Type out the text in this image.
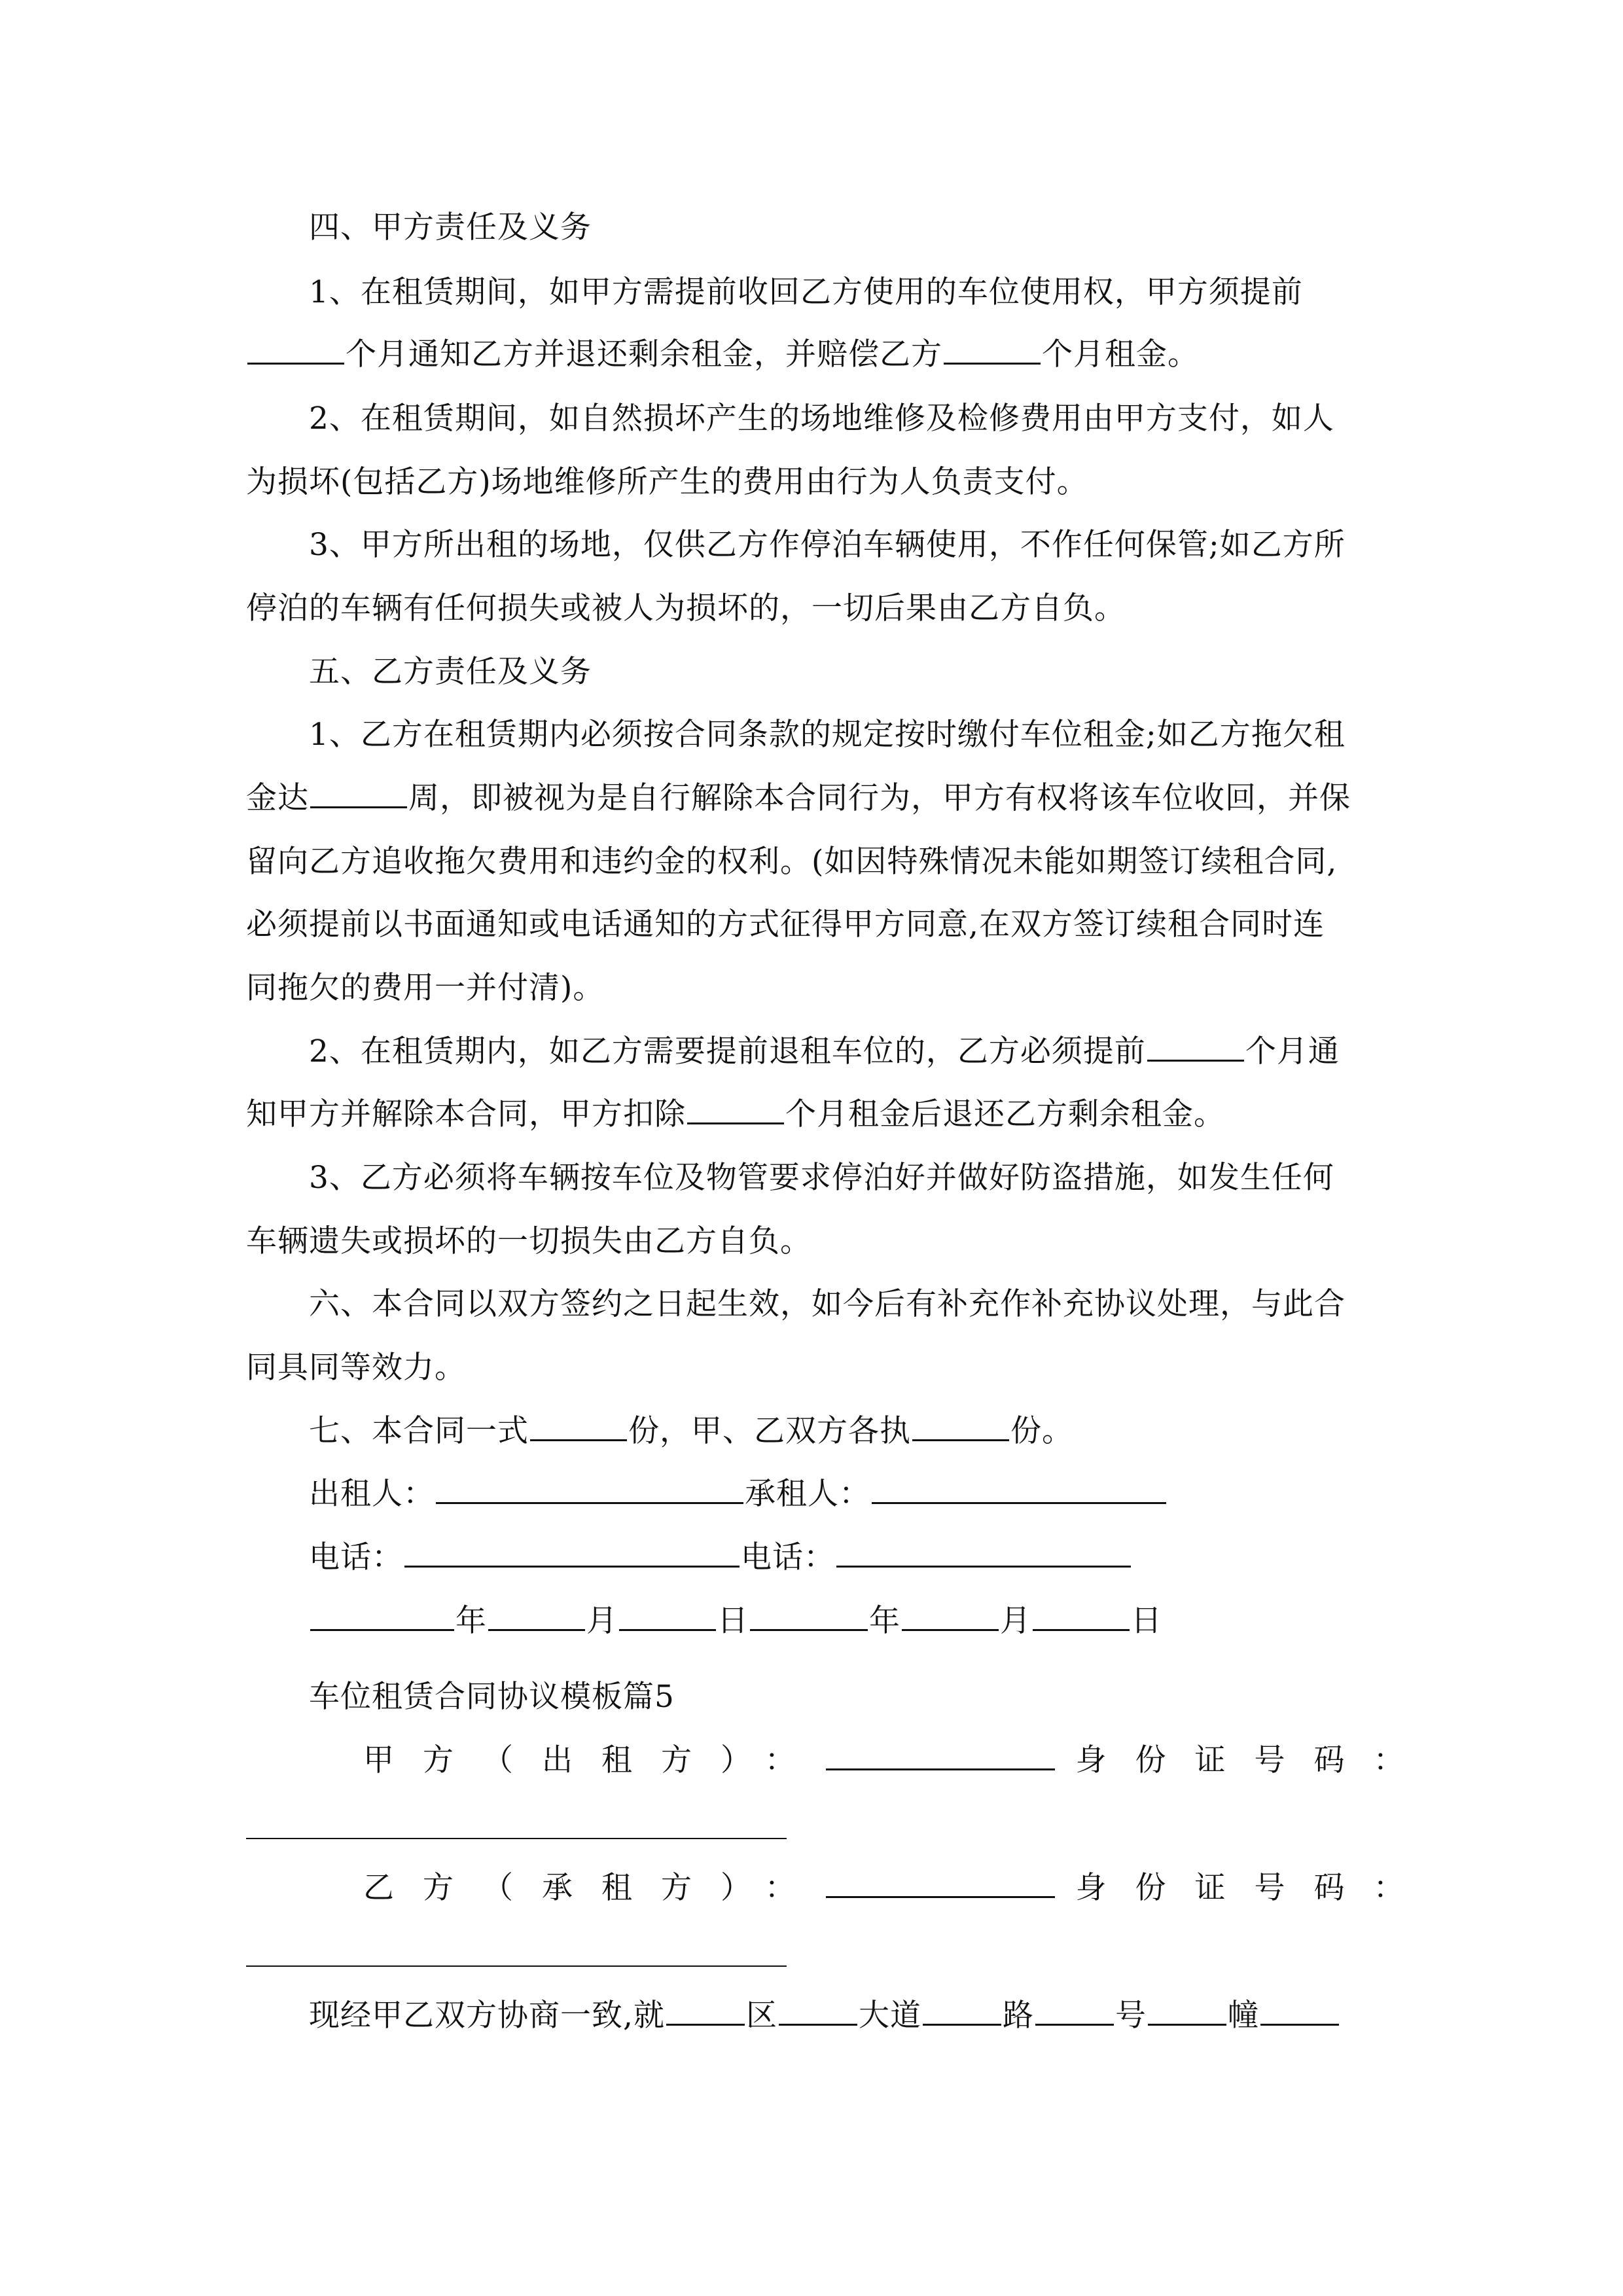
四、甲方责任及义务
1、在租赁期间，如甲方需提前收回乙方使用的车位使用权，甲方须提前
个月通知乙方并退还剩余租金，并赔偿乙方	个月租金。
2、在租赁期间，如自然损坏产生的场地维修及检修费用由甲方支付，如人
为损坏(包括乙方)场地维修所产生的费用由行为人负责支付。
3、甲方所出租的场地，仅供乙方作停泊车辆使用，不作任何保管;如乙方所
停泊的车辆有任何损失或被人为损坏的，一切后果由乙方自负。
五、乙方责任及义务
1、乙方在租赁期内必须按合同条款的规定按时缴付车位租金;如乙方拖欠租
金达	周，即被视为是自行解除本合同行为，甲方有权将该车位收回，并保
留向乙方追收拖欠费用和违约金的权利。(如因特殊情况未能如期签订续租合同,
必须提前以书面通知或电话通知的方式征得甲方同意,在双方签订续租合同时连
同拖欠的费用一并付清)。
2、在租赁期内，如乙方需要提前退租车位的，乙方必须提前	个月通
知甲方并解除本合同，甲方扣除	个月租金后退还乙方剩余租金。
3、乙方必须将车辆按车位及物管要求停泊好并做好防盗措施，如发生任何
车辆遗失或损坏的一切损失由乙方自负。
六、本合同以双方签约之日起生效，如今后有补充作补充协议处理，与此合
同具同等效力。
七、本合同一式	份，甲、乙双方各执	份。
出租人：	承租人：
电话：	电话：
年	月	日	年	月	日
车位租赁合同协议模板篇5
甲方（出租方）：	身份证号码：
乙方（承租方）：	身份证号码：
现经甲乙双方协商一致,就	区	大道	路	号	幢
